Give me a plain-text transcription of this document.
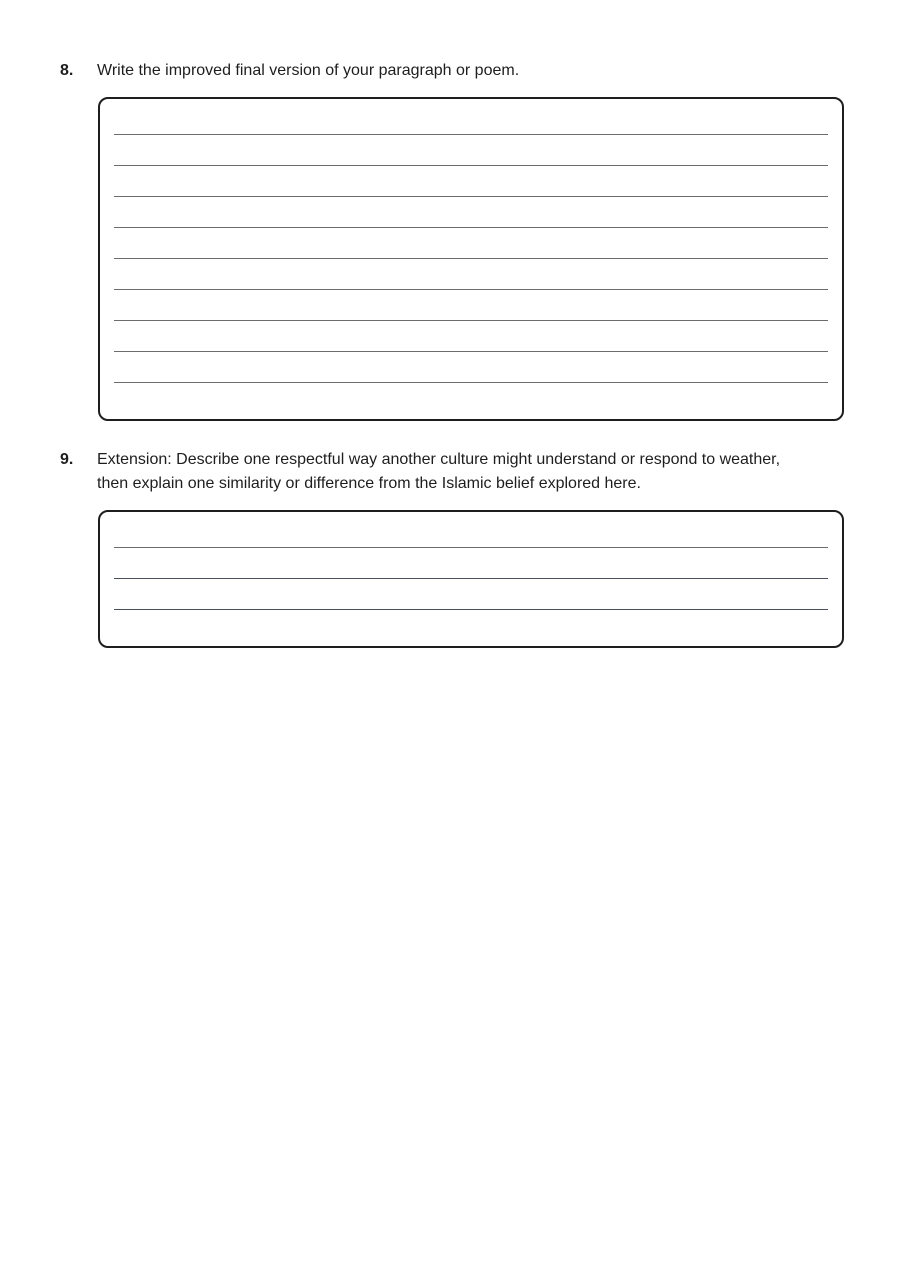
8. Write the improved final version of your paragraph or poem.
9. Extension: Describe one respectful way another culture might understand or respond to weather,
then explain one similarity or difference from the Islamic belief explored here.
